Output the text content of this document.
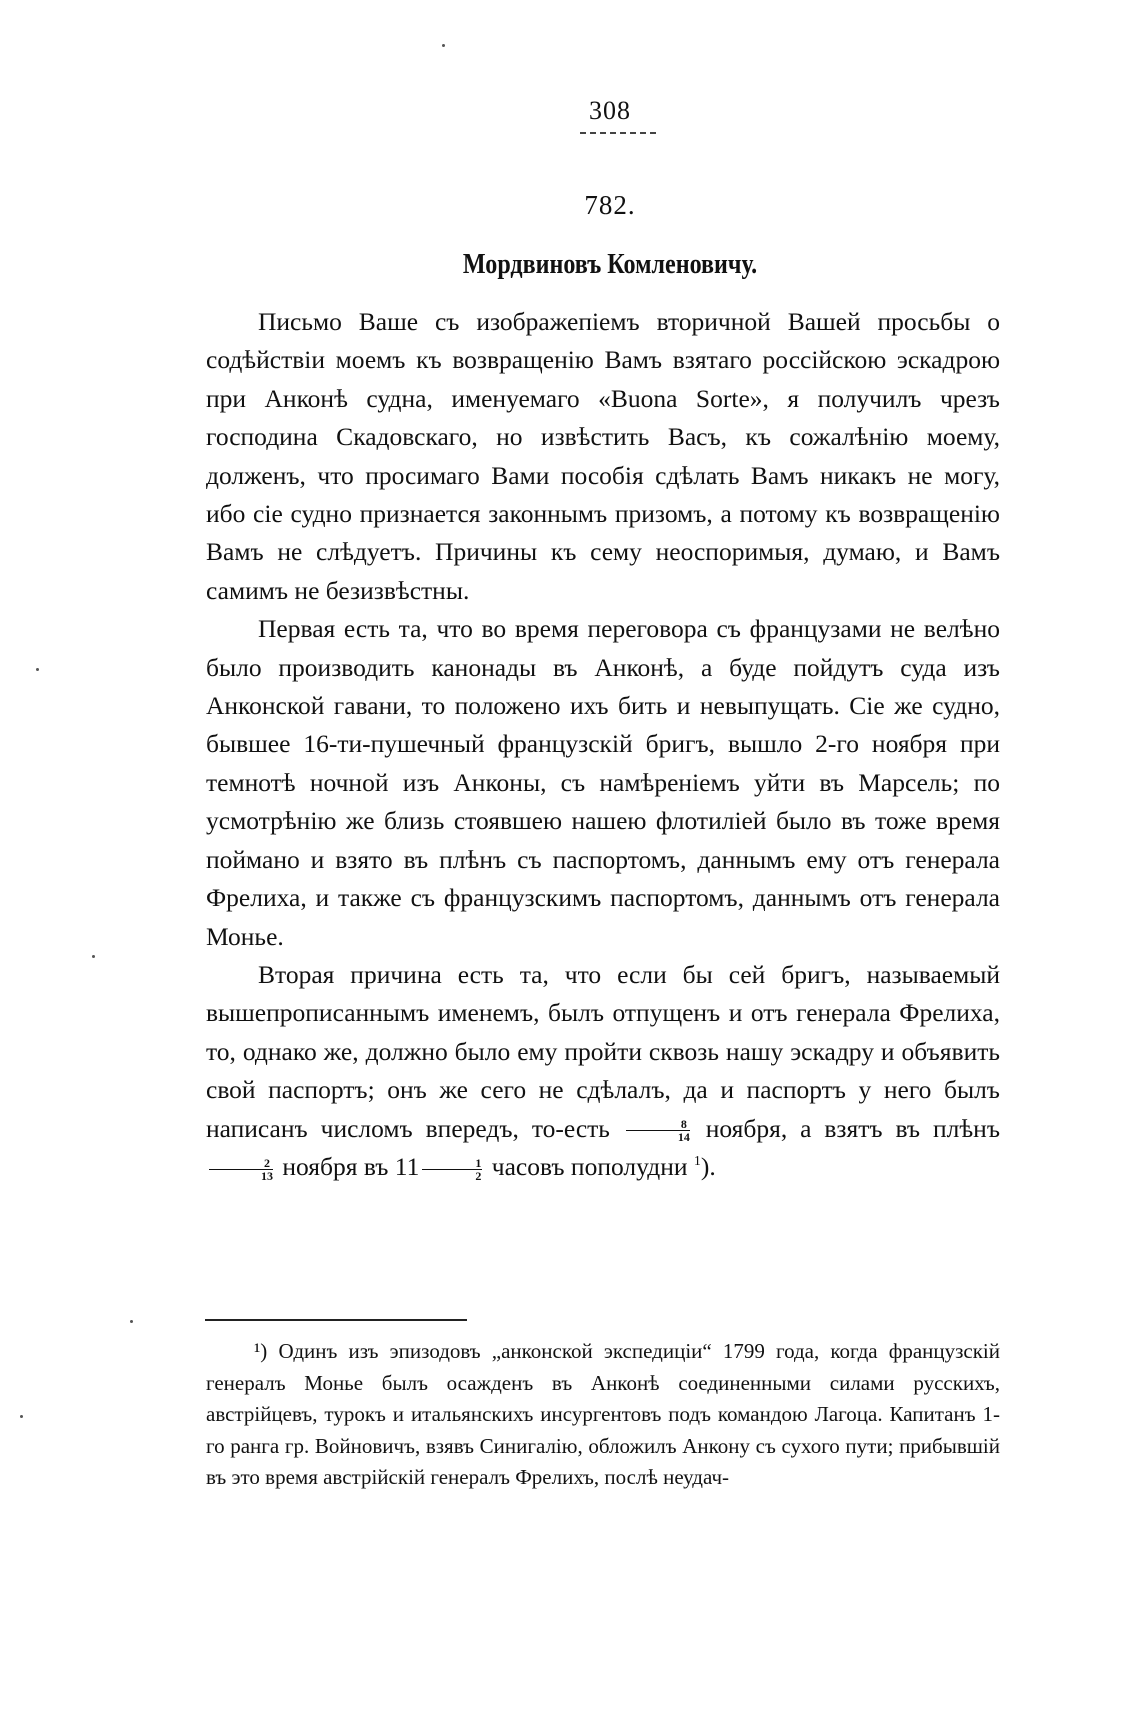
308
782.
Мордвиновъ Комленовичу.

Письмо Ваше съ изображепiемъ вторичной Вашей просьбы о содѣйствiи моемъ къ возвращенiю Вамъ взятаго россiйскою эскадрою при Анконѣ судна, именуемаго «Buona Sorte», я получилъ чрезъ господина Скадовскаго, но извѣстить Васъ, къ сожалѣнiю моему, долженъ, что просимаго Вами пособiя сдѣлать Вамъ никакъ не могу, ибо сiе судно признается законнымъ призомъ, а потому къ возвращенiю Вамъ не слѣдуетъ. Причины къ сему неоспоримыя, думаю, и Вамъ самимъ не безизвѣстны.

Первая есть та, что во время переговора съ французами не велѣно было производить канонады въ Анконѣ, а буде пойдутъ суда изъ Анконской гавани, то положено ихъ бить и невыпущать. Сiе же судно, бывшее 16-ти-пушечный французскiй бригъ, вышло 2-го ноября при темнотѣ ночной изъ Анконы, съ намѣренiемъ уйти въ Марсель; по усмотрѣнiю же близь стоявшею нашею флотилiей было въ тоже время поймано и взято въ плѣнъ съ паспортомъ, даннымъ ему отъ генерала Фрелиха, и также съ французскимъ паспортомъ, даннымъ отъ генерала Монье.

Вторая причина есть та, что если бы сей бригъ, называемый вышепрописаннымъ именемъ, былъ отпущенъ и отъ генерала Фрелиха, то, однако же, должно было ему пройти сквозь нашу эскадру и объявить свой паспортъ; онъ же сего не сдѣлалъ, да и паспортъ у него былъ написанъ числомъ впередъ, то-есть $\frac{8}{14}$ ноября, а взятъ въ плѣнъ
$\frac{2}{13}$ ноября въ $11 \frac{1}{2}$ часовъ пополудни $^1$).

¹) Одинъ изъ эпизодовъ „анконской экспедицiи“ 1799 года, когда французскiй генералъ Монье былъ осажденъ въ Анконѣ соединенными силами русскихъ, австрiйцевъ, турокъ и итальянскихъ инсургентовъ подъ командою Лагоца. Капитанъ 1-го ранга гр. Войновичъ, взявъ Синигалiю, обложилъ Анкону съ сухого пути; прибывшiй въ это время австрiйскiй генералъ Фрелихъ, послѣ неудач-
